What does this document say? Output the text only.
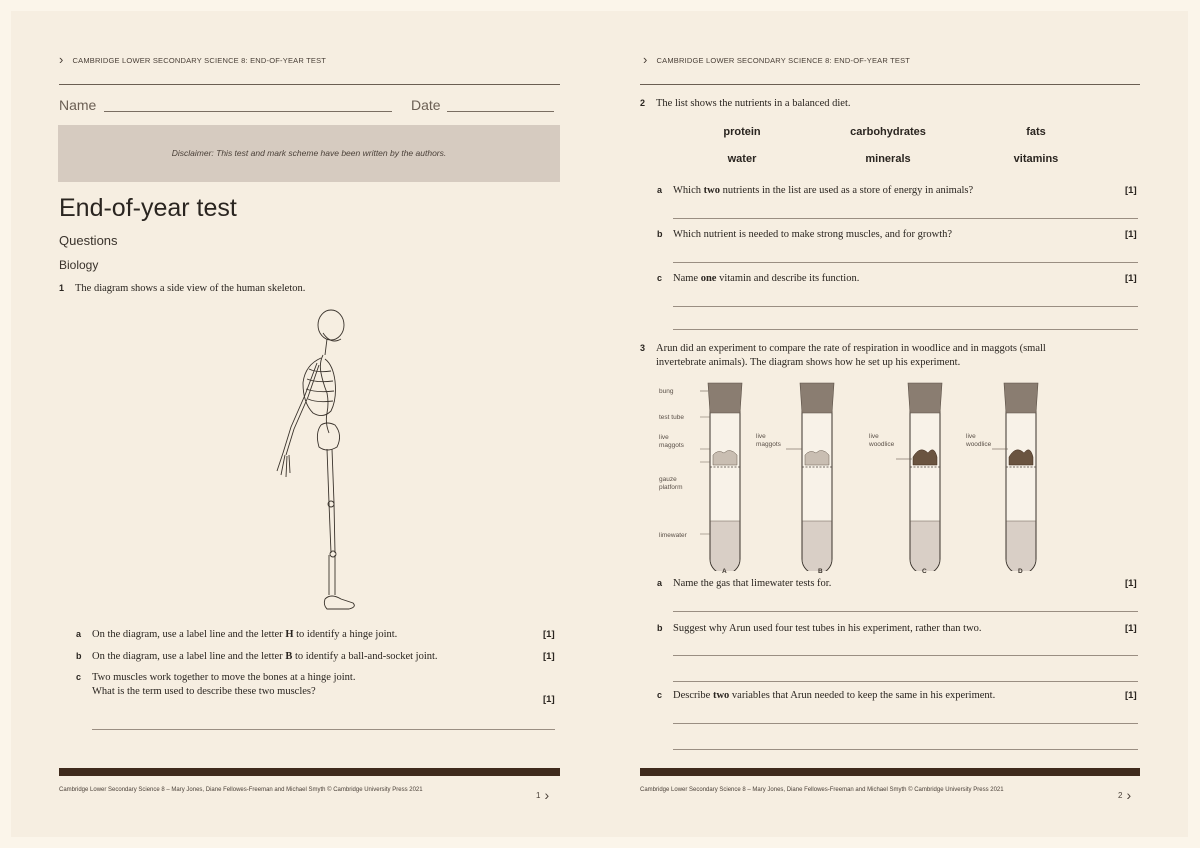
› CAMBRIDGE LOWER SECONDARY SCIENCE 8: END-OF-YEAR TEST
Name	Date
Disclaimer: This test and mark scheme have been written by the authors.
End-of-year test
Questions
Biology
1 The diagram shows a side view of the human skeleton.
a On the diagram, use a label line and the letter H to identify a hinge joint.	[1]
b On the diagram, use a label line and the letter B to identify a ball-and-socket joint.	[1]
c Two muscles work together to move the bones at a hinge joint.
What is the term used to describe these two muscles?
[1]
Cambridge Lower Secondary Science 8 – Mary Jones, Diane Fellowes-Freeman and Michael Smyth © Cambridge University Press 2021
1 ›
› CAMBRIDGE LOWER SECONDARY SCIENCE 8: END-OF-YEAR TEST
2 The list shows the nutrients in a balanced diet.
protein	carbohydrates	fats
water	minerals	vitamins
a Which two nutrients in the list are used as a store of energy in animals?	[1]
b Which nutrient is needed to make strong muscles, and for growth?	[1]
c Name one vitamin and describe its function.	[1]
3 Arun did an experiment to compare the rate of respiration in woodlice and in maggots (small
invertebrate animals). The diagram shows how he set up his experiment.
bung
test tube
live
maggots
gauze
platform
limewater
live
maggots
live
woodlice
live
woodlice
A	B	C	D
a Name the gas that limewater tests for.	[1]
b Suggest why Arun used four test tubes in his experiment, rather than two.	[1]
c Describe two variables that Arun needed to keep the same in his experiment.	[1]
Cambridge Lower Secondary Science 8 – Mary Jones, Diane Fellowes-Freeman and Michael Smyth © Cambridge University Press 2021
2 ›
